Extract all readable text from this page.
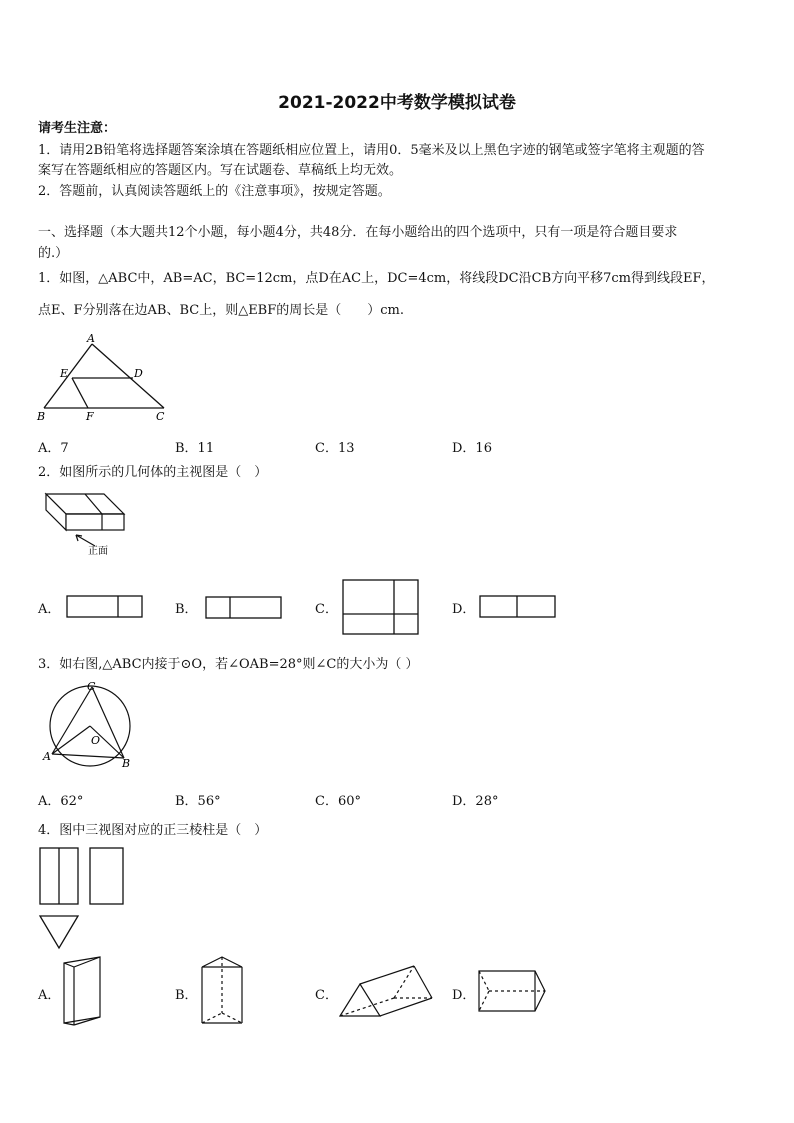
2021-2022中考数学模拟试卷
请考生注意：
1．请用2B铅笔将选择题答案涂填在答题纸相应位置上，请用0．5毫米及以上黑色字迹的钢笔或签字笔将主观题的答
案写在答题纸相应的答题区内。写在试题卷、草稿纸上均无效。
2．答题前，认真阅读答题纸上的《注意事项》，按规定答题。
一、选择题（本大题共12个小题，每小题4分，共48分．在每小题给出的四个选项中，只有一项是符合题目要求
的.）
1．如图，△ABC中，AB=AC，BC=12cm，点D在AC上，DC=4cm，将线段DC沿CB方向平移7cm得到线段EF，
点E、F分别落在边AB、BC上，则△EBF的周长是（　　）cm.
A
E	D
B	F	C
A．7	B．11	C．13	D．16
2．如图所示的几何体的主视图是（　）
正面
A．	B．	C．	D．
3．如右图,△ABC内接于⊙O，若∠OAB=28°则∠C的大小为（ ）
C
O
A
B
A．62°	B．56°	C．60°	D．28°
4．图中三视图对应的正三棱柱是（　）
A．	B．	C．	D．
